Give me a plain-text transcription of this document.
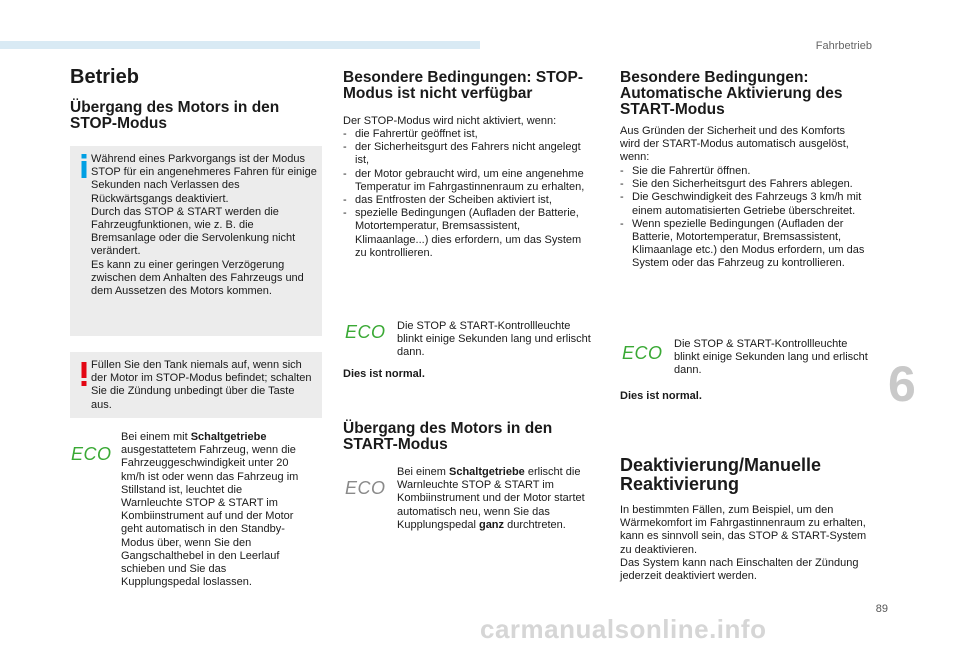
Fahrbetrieb
Betrieb
Übergang des Motors in den STOP-Modus
Während eines Parkvorgangs ist der Modus STOP für ein angenehmeres Fahren für einige Sekunden nach Verlassen des Rückwärtsgangs deaktiviert.
Durch das STOP & START werden die Fahrzeugfunktionen, wie z. B. die Bremsanlage oder die Servolenkung nicht verändert.
Es kann zu einer geringen Verzögerung zwischen dem Anhalten des Fahrzeugs und dem Aussetzen des Motors kommen.
Füllen Sie den Tank niemals auf, wenn sich der Motor im STOP-Modus befindet; schalten Sie die Zündung unbedingt über die Taste aus.
ECO
Bei einem mit Schaltgetriebe ausgestattetem Fahrzeug, wenn die Fahrzeuggeschwindigkeit unter 20 km/h ist oder wenn das Fahrzeug im Stillstand ist, leuchtet die Warnleuchte STOP & START im Kombiinstrument auf und der Motor geht automatisch in den Standby-Modus über, wenn Sie den Gangschalthebel in den Leerlauf schieben und Sie das Kupplungspedal loslassen.
Besondere Bedingungen: STOP-Modus ist nicht verfügbar
Der STOP-Modus wird nicht aktiviert, wenn:
- die Fahrertür geöffnet ist,
- der Sicherheitsgurt des Fahrers nicht angelegt ist,
- der Motor gebraucht wird, um eine angenehme Temperatur im Fahrgastinnenraum zu erhalten,
- das Entfrosten der Scheiben aktiviert ist,
- spezielle Bedingungen (Aufladen der Batterie, Motortemperatur, Bremsassistent, Klimaanlage...) dies erfordern, um das System zu kontrollieren.
ECO Die STOP & START-Kontrollleuchte blinkt einige Sekunden lang und erlischt dann.
Dies ist normal.
Übergang des Motors in den START-Modus
ECO
Bei einem Schaltgetriebe erlischt die Warnleuchte STOP & START im Kombiinstrument und der Motor startet automatisch neu, wenn Sie das Kupplungspedal ganz durchtreten.
Besondere Bedingungen: Automatische Aktivierung des START-Modus
Aus Gründen der Sicherheit und des Komforts wird der START-Modus automatisch ausgelöst, wenn:
- Sie die Fahrertür öffnen.
- Sie den Sicherheitsgurt des Fahrers ablegen.
- Die Geschwindigkeit des Fahrzeugs 3 km/h mit einem automatisierten Getriebe überschreitet.
- Wenn spezielle Bedingungen (Aufladen der Batterie, Motortemperatur, Bremsassistent, Klimaanlage etc.) den Modus erfordern, um das System oder das Fahrzeug zu kontrollieren.
ECO Die STOP & START-Kontrollleuchte blinkt einige Sekunden lang und erlischt dann.
Dies ist normal.
Deaktivierung/Manuelle Reaktivierung
In bestimmten Fällen, zum Beispiel, um den Wärmekomfort im Fahrgastinnenraum zu erhalten, kann es sinnvoll sein, das STOP & START-System zu deaktivieren.
Das System kann nach Einschalten der Zündung jederzeit deaktiviert werden.
6
89
carmanualsonline.info
